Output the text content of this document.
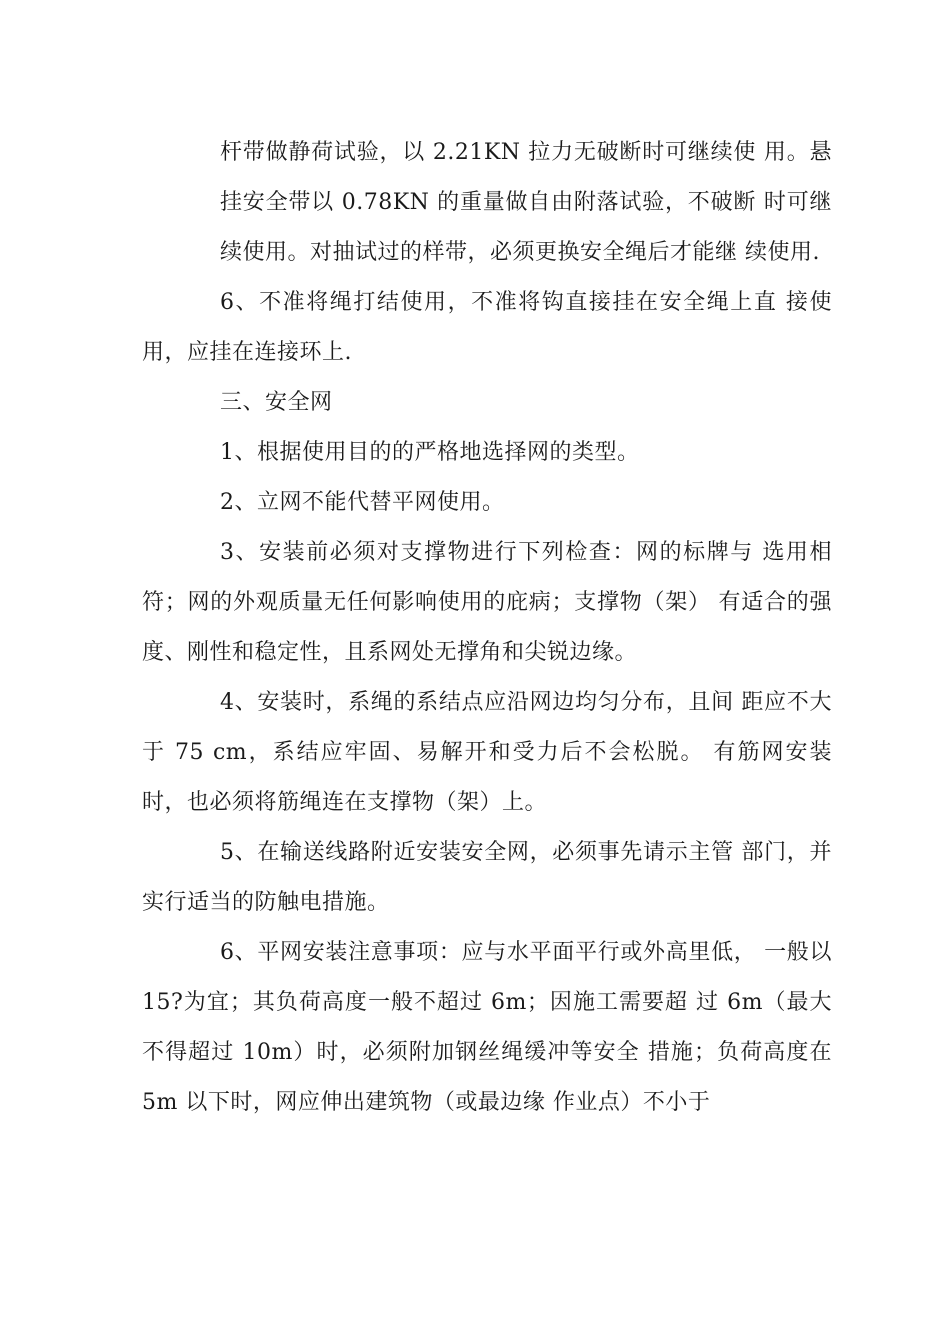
杆带做静荷试验，以 2.21KN 拉力无破断时可继续使 用。悬挂安全带以 0.78KN 的重量做自由附落试验，不破断 时可继续使用。对抽试过的样带，必须更换安全绳后才能继 续使用.

6、不准将绳打结使用，不准将钩直接挂在安全绳上直 接使用，应挂在连接环上.

三、安全网

1、根据使用目的的严格地选择网的类型。

2、立网不能代替平网使用。

3、安装前必须对支撑物进行下列检查：网的标牌与 选用相符；网的外观质量无任何影响使用的庇病；支撑物（架） 有适合的强度、刚性和稳定性，且系网处无撑角和尖锐边缘。

4、安装时，系绳的系结点应沿网边均匀分布，且间 距应不大于 75 cm，系结应牢固、易解开和受力后不会松脱。 有筋网安装时，也必须将筋绳连在支撑物（架）上。

5、在输送线路附近安装安全网，必须事先请示主管 部门，并实行适当的防触电措施。

6、平网安装注意事项：应与水平面平行或外高里低， 一般以 15?为宜；其负荷高度一般不超过 6m；因施工需要超 过 6m（最大不得超过 10m）时，必须附加钢丝绳缓冲等安全 措施；负荷高度在 5m 以下时，网应伸出建筑物（或最边缘 作业点）不小于
